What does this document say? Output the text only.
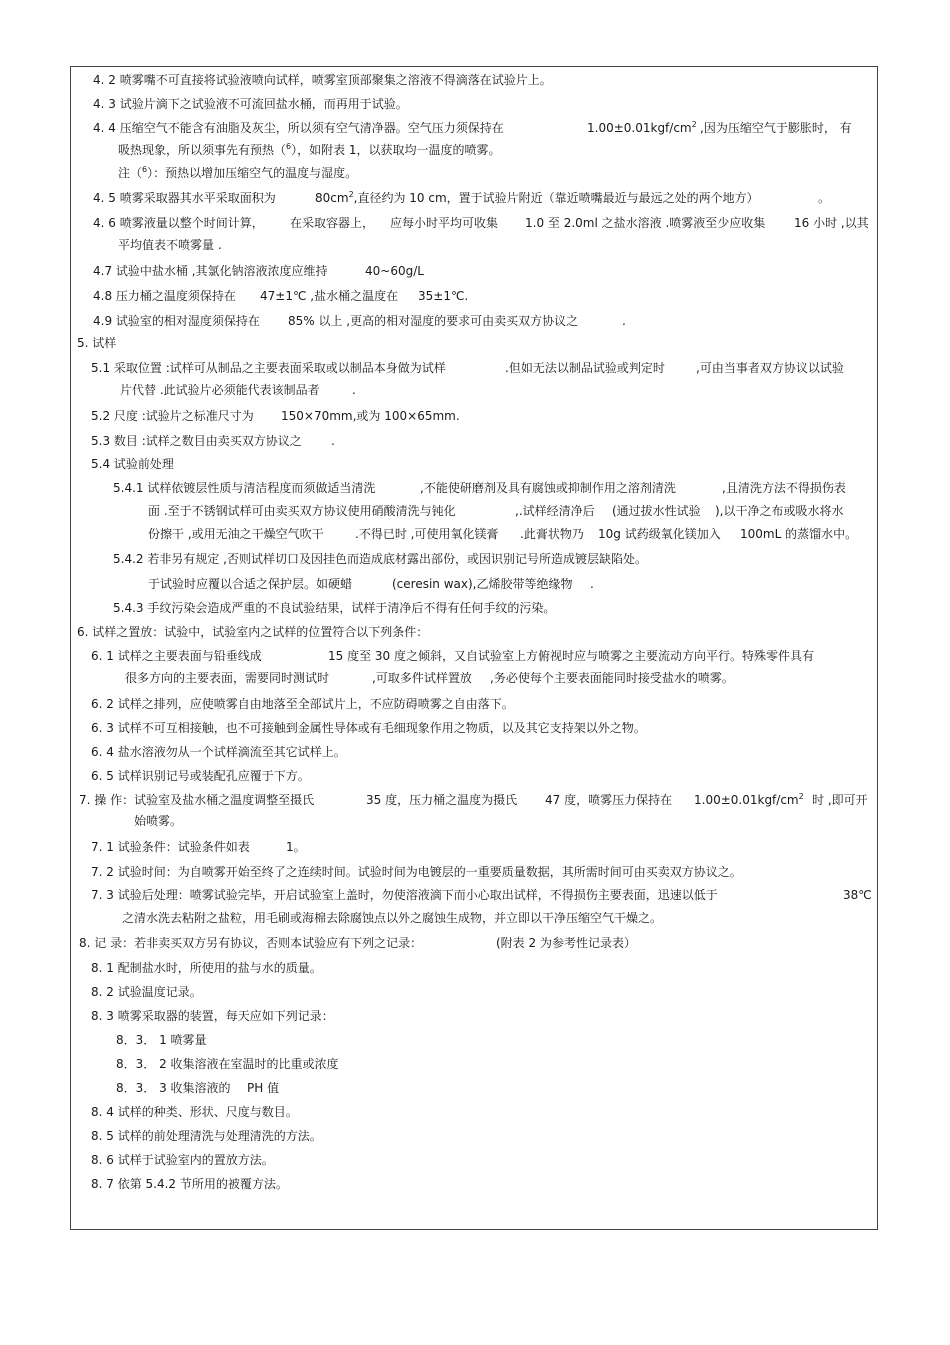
4. 2 喷雾嘴不可直接将试验液喷向试样，喷雾室顶部聚集之溶液不得滴落在试验片上。
4. 3 试验片滴下之试验液不可流回盐水桶，而再用于试验。
4. 4 压缩空气不能含有油脂及灰尘，所以须有空气清净器。空气压力须保持在	$1.00\pm 0.01kgf/cm^2$ ,因为压缩空气于膨胀时， 有
吸热现象，所以须事先有预热（$^6$），如附表 1，以获取均一温度的喷雾。
注（$^6$）：预热以增加压缩空气的温度与湿度。
4. 5 喷雾采取器其水平采取面积为	$80cm^2$,直径约为 10 cm，置于试验片附近（靠近喷嘴最近与最远之处的两个地方）	。
4. 6 喷雾液量以整个时间计算， 在采取容器上， 应每小时平均可收集 1.0 至 2.0ml 之盐水溶液 .喷雾液至少应收集 16 小时 ,以其
平均值表不喷雾量 .
4.7 试验中盐水桶 ,其氯化钠溶液浓度应维持	40~60g/L
4.8 压力桶之温度须保持在 47±1℃ ,盐水桶之温度在 35±1℃.
4.9 试验室的相对湿度须保持在 85% 以上 ,更高的相对湿度的要求可由卖买双方协议之	.
5. 试样
5.1 采取位置 :试样可从制品之主要表面采取或以制品本身做为试样	.但如无法以制品试验或判定时	,可由当事者双方协议以试验
片代替 .此试验片必须能代表该制品者	.
5.2 尺度 :试验片之标准尺寸为 150×70mm,或为 100×65mm.
5.3 数目 :试样之数目由卖买双方协议之 .
5.4 试验前处理
5.4.1 试样依镀层性质与清洁程度而须做适当清洗	,不能使研磨剂及具有腐蚀或抑制作用之溶剂清洗	,且清洗方法不得损伤表
面 .至于不锈钢试样可由卖买双方协议使用硝酸清洗与钝化	,.试样经清净后 (通过拔水性试验 ),以干净之布或吸水将水
份擦干 ,或用无油之干燥空气吹干	.不得已时 ,可使用氧化镁膏 .此膏状物乃 10g 试药级氧化镁加入 100mL 的蒸馏水中。
5.4.2 若非另有规定 ,否则试样切口及因挂色而造成底材露出部份，或因识别记号所造成镀层缺陷处。
于试验时应覆以合适之保护层。如硬蜡	(ceresin wax),乙烯胶带等绝缘物 .
5.4.3 手纹污染会造成严重的不良试验结果，试样于清净后不得有任何手纹的污染。
6. 试样之置放：试验中，试验室内之试样的位置符合以下列条件：
6. 1 试样之主要表面与铅垂线成	15 度至 30 度之倾斜，又自试验室上方俯视时应与喷雾之主要流动方向平行。特殊零件具有
很多方向的主要表面，需要同时测试时	,可取多件试样置放 ,务必使每个主要表面能同时接受盐水的喷雾。
6. 2 试样之排列，应使喷雾自由地落至全部试片上，不应防碍喷雾之自由落下。
6. 3 试样不可互相接触，也不可接触到金属性导体或有毛细现象作用之物质，以及其它支持架以外之物。
6. 4 盐水溶液勿从一个试样滴流至其它试样上。
6. 5 试样识别记号或装配孔应覆于下方。
7. 操 作：试验室及盐水桶之温度调整至摄氏	35 度，压力桶之温度为摄氏 47 度，喷雾压力保持在 $1.00\pm 0.01kgf/cm^2$ 时 ,即可开
始喷雾。
7. 1 试验条件：试验条件如表	1。
7. 2 试验时间：为自喷雾开始至终了之连续时间。试验时间为电镀层的一重要质量数据，其所需时间可由买卖双方协议之。
7. 3 试验后处理：喷雾试验完毕，开启试验室上盖时，勿使溶液滴下而小心取出试样，不得损伤主要表面，迅速以低于	38℃
之清水洗去粘附之盐粒，用毛刷或海棉去除腐蚀点以外之腐蚀生成物，并立即以干净压缩空气干燥之。
8. 记 录：若非卖买双方另有协议，否则本试验应有下列之记录：	(附表 2 为参考性记录表）
8. 1 配制盐水时，所使用的盐与水的质量。
8. 2 试验温度记录。
8. 3 喷雾采取器的装置，每天应如下列记录：
8．3． 1 喷雾量
8．3． 2 收集溶液在室温时的比重或浓度
8．3． 3 收集溶液的 PH 值
8. 4 试样的种类、形状、尺度与数目。
8. 5 试样的前处理清洗与处理清洗的方法。
8. 6 试样于试验室内的置放方法。
8. 7 依第 5.4.2 节所用的被覆方法。
